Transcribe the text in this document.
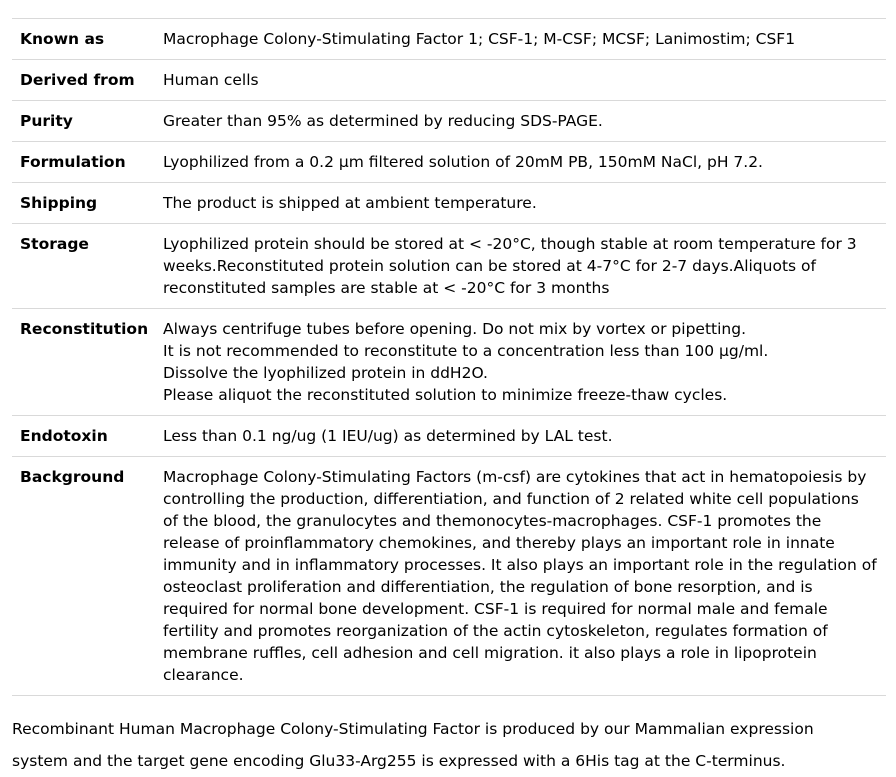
Known as	Macrophage Colony-Stimulating Factor 1; CSF-1; M-CSF; MCSF; Lanimostim; CSF1
Derived from	Human cells
Purity	Greater than 95% as determined by reducing SDS-PAGE.
Formulation	Lyophilized from a 0.2 μm filtered solution of 20mM PB, 150mM NaCl, pH 7.2.
Shipping	The product is shipped at ambient temperature.
Storage	Lyophilized protein should be stored at < -20°C, though stable at room temperature for 3 weeks.Reconstituted protein solution can be stored at 4-7°C for 2-7 days.Aliquots of reconstituted samples are stable at < -20°C for 3 months
Reconstitution	Always centrifuge tubes before opening. Do not mix by vortex or pipetting.
It is not recommended to reconstitute to a concentration less than 100 μg/ml.
Dissolve the lyophilized protein in ddH2O.
Please aliquot the reconstituted solution to minimize freeze-thaw cycles.

Endotoxin	Less than 0.1 ng/ug (1 IEU/ug) as determined by LAL test.
Background	Macrophage Colony-Stimulating Factors (m-csf) are cytokines that act in hematopoiesis by controlling the production, differentiation, and function of 2 related white cell populations of the blood, the granulocytes and themonocytes-macrophages. CSF-1 promotes the release of proinflammatory chemokines, and thereby plays an important role in innate immunity and in inflammatory processes. It also plays an important role in the regulation of osteoclast proliferation and differentiation, the regulation of bone resorption, and is required for normal bone development. CSF-1 is required for normal male and female fertility and promotes reorganization of the actin cytoskeleton, regulates formation of membrane ruffles, cell adhesion and cell migration. it also plays a role in lipoprotein clearance.

Recombinant Human Macrophage Colony-Stimulating Factor is produced by our Mammalian expression system and the target gene encoding Glu33-Arg255 is expressed with a 6His tag at the C-terminus.
